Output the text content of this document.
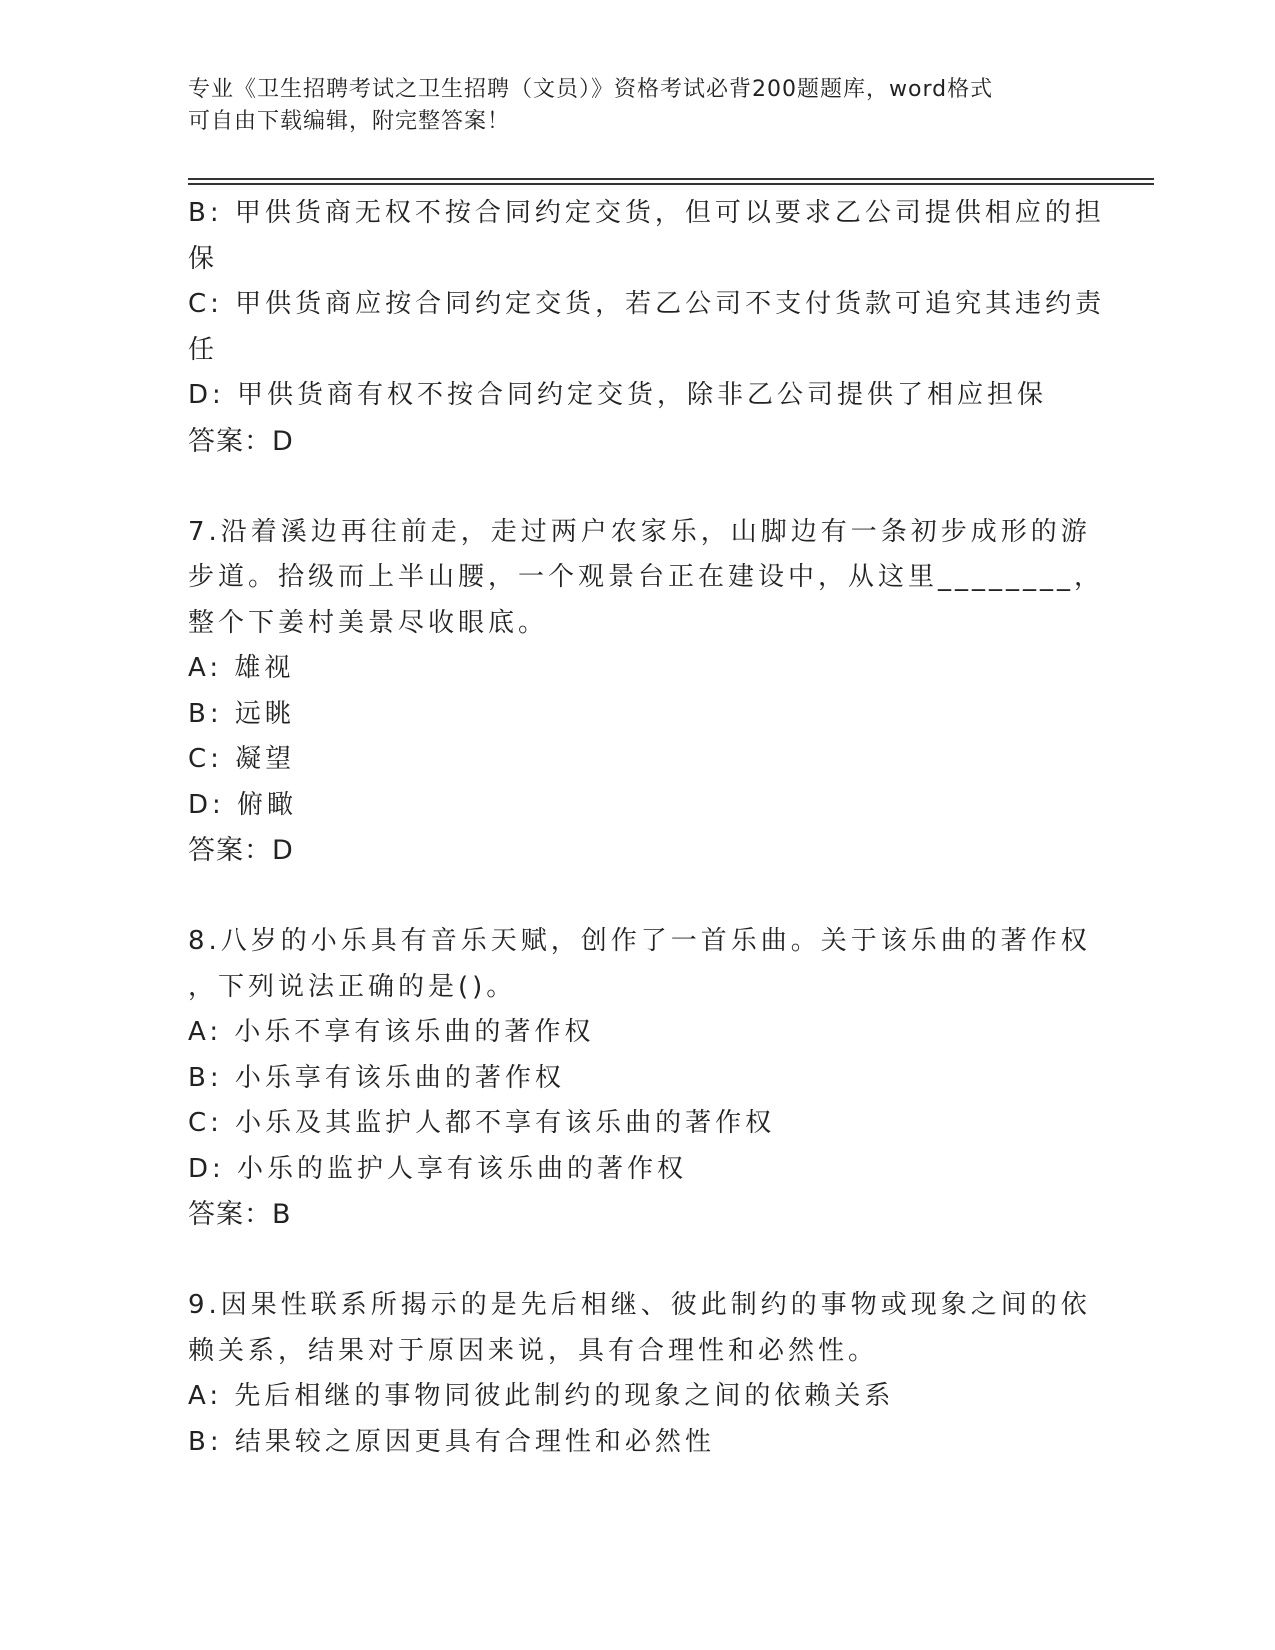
专业《卫生招聘考试之卫生招聘（文员）》资格考试必背200题题库，word格式
可自由下载编辑，附完整答案！
B: 甲供货商无权不按合同约定交货，但可以要求乙公司提供相应的担
保
C: 甲供货商应按合同约定交货，若乙公司不支付货款可追究其违约责
任
D: 甲供货商有权不按合同约定交货，除非乙公司提供了相应担保
答案：D
7.沿着溪边再往前走，走过两户农家乐，山脚边有一条初步成形的游
步道。拾级而上半山腰，一个观景台正在建设中，从这里________，
整个下姜村美景尽收眼底。
A: 雄视
B: 远眺
C: 凝望
D: 俯瞰
答案：D
8.八岁的小乐具有音乐天赋，创作了一首乐曲。关于该乐曲的著作权
，下列说法正确的是()。
A: 小乐不享有该乐曲的著作权
B: 小乐享有该乐曲的著作权
C: 小乐及其监护人都不享有该乐曲的著作权
D: 小乐的监护人享有该乐曲的著作权
答案：B
9.因果性联系所揭示的是先后相继、彼此制约的事物或现象之间的依
赖关系，结果对于原因来说，具有合理性和必然性。
A: 先后相继的事物同彼此制约的现象之间的依赖关系
B: 结果较之原因更具有合理性和必然性
